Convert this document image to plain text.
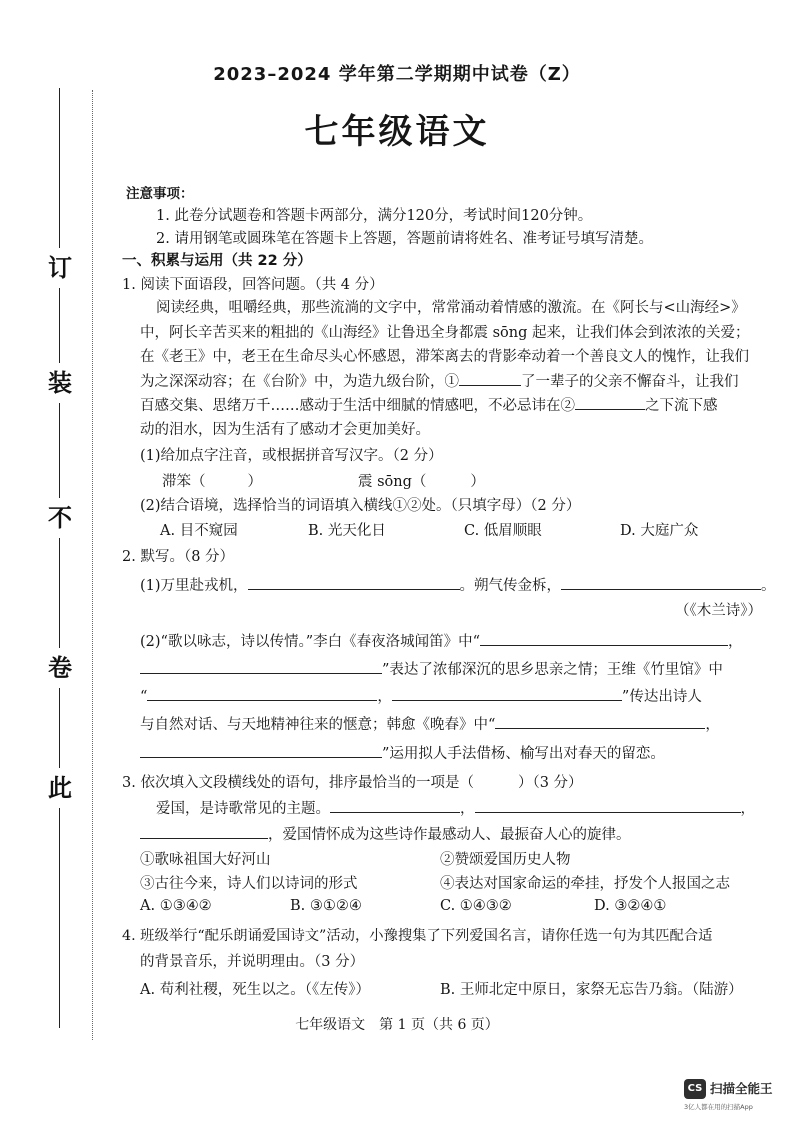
此
卷
不
装
订
2023–2024 学年第二学期期中试卷（Z）
七年级语文
注意事项：
1. 此卷分试题卷和答题卡两部分，满分120分，考试时间120分钟。
2. 请用钢笔或圆珠笔在答题卡上答题，答题前请将姓名、准考证号填写清楚。
一、积累与运用（共 22 分）
1. 阅读下面语段，回答问题。（共 4 分）
阅读经典，咀嚼经典，那些流淌的文字中，常常涌动着情感的激流。在《阿长与<山海经>》
中，阿长辛苦买来的粗拙的《山海经》让鲁迅全身都震 sōng 起来，让我们体会到浓浓的关爱；
在《老王》中，老王在生命尽头心怀感恩，滞笨离去的背影牵动着一个善良文人的愧怍，让我们
为之深深动容；在《台阶》中，为造九级台阶，①	了一辈子的父亲不懈奋斗，让我们
百感交集、思绪万千……感动于生活中细腻的情感吧，不必忌讳在②	之下流下感
动的泪水，因为生活有了感动才会更加美好。
(1)给加点字注音，或根据拼音写汉字。（2 分）
滞笨（	）	震 sōng（	）
(2)结合语境，选择恰当的词语填入横线①②处。（只填字母）（2 分）
A. 目不窥园	B. 光天化日	C. 低眉顺眼	D. 大庭广众
2. 默写。（8 分）
(1)万里赴戎机，	。朔气传金柝，	。
（《木兰诗》）
(2)“歌以咏志，诗以传情。”李白《春夜洛城闻笛》中“	，
”表达了浓郁深沉的思乡思亲之情；王维《竹里馆》中
“	，	”传达出诗人
与自然对话、与天地精神往来的惬意；韩愈《晚春》中“	，
”运用拟人手法借杨、榆写出对春天的留恋。
3. 依次填入文段横线处的语句，排序最恰当的一项是（	）（3 分）
爱国，是诗歌常见的主题。	，	，
，爱国情怀成为这些诗作最感动人、最振奋人心的旋律。
①歌咏祖国大好河山	②赞颂爱国历史人物
③古往今来，诗人们以诗词的形式	④表达对国家命运的牵挂，抒发个人报国之志
A. ①③④②	B. ③①②④	C. ①④③②	D. ③②④①
4. 班级举行“配乐朗诵爱国诗文”活动，小豫搜集了下列爱国名言，请你任选一句为其匹配合适
的背景音乐，并说明理由。（3 分）
A. 苟利社稷，死生以之。（《左传》）	B. 王师北定中原日，家祭无忘告乃翁。（陆游）
七年级语文　第 1 页（共 6 页）
CS 扫描全能王
3亿人都在用的扫描App
